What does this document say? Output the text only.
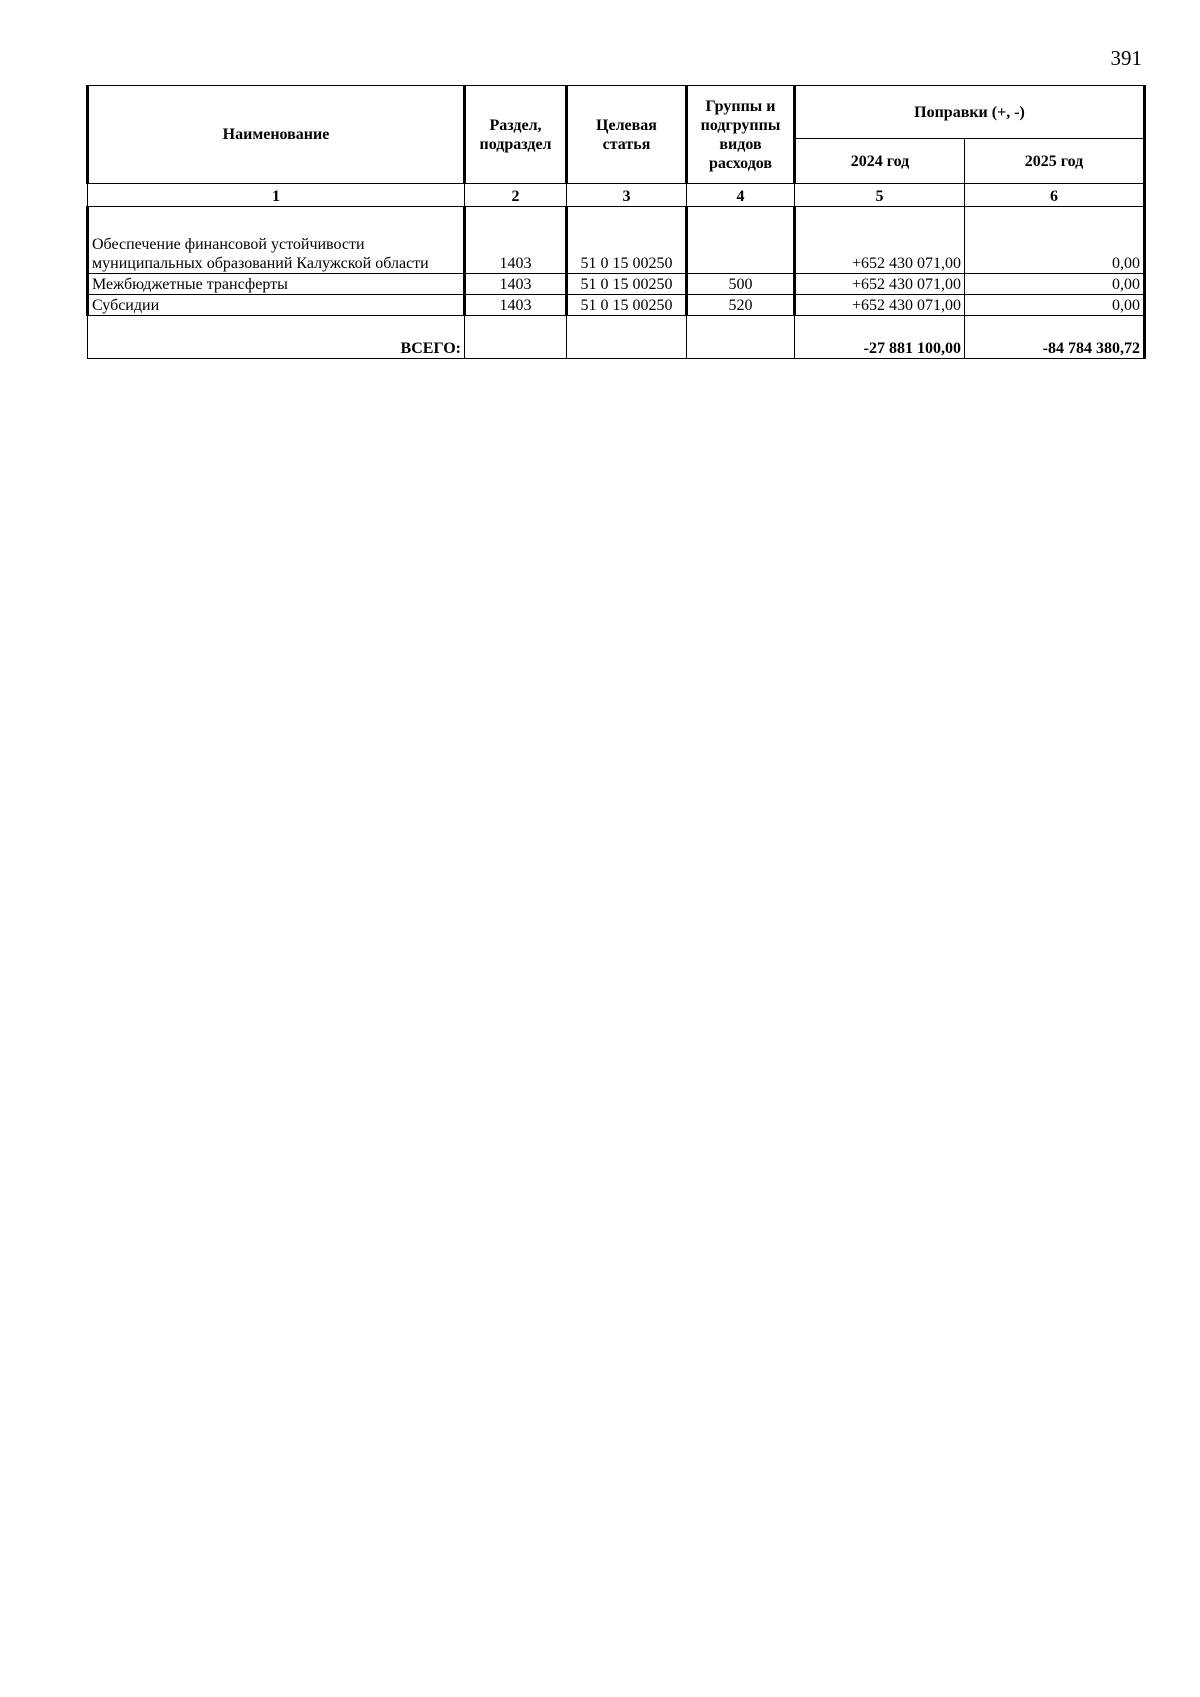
391
Наименование	Раздел, подраздел	Целевая статья	Группы и подгруппы видов расходов	Поправки (+, -)	
				2024 год	2025 год
1	2	3	4	5	6
Обеспечение финансовой устойчивости муниципальных образований Калужской области	1403	51 0 15 00250		+652 430 071,00	0,00
Межбюджетные трансферты	1403	51 0 15 00250	500	+652 430 071,00	0,00
Субсидии	1403	51 0 15 00250	520	+652 430 071,00	0,00
ВСЕГО:				-27 881 100,00	-84 784 380,72
